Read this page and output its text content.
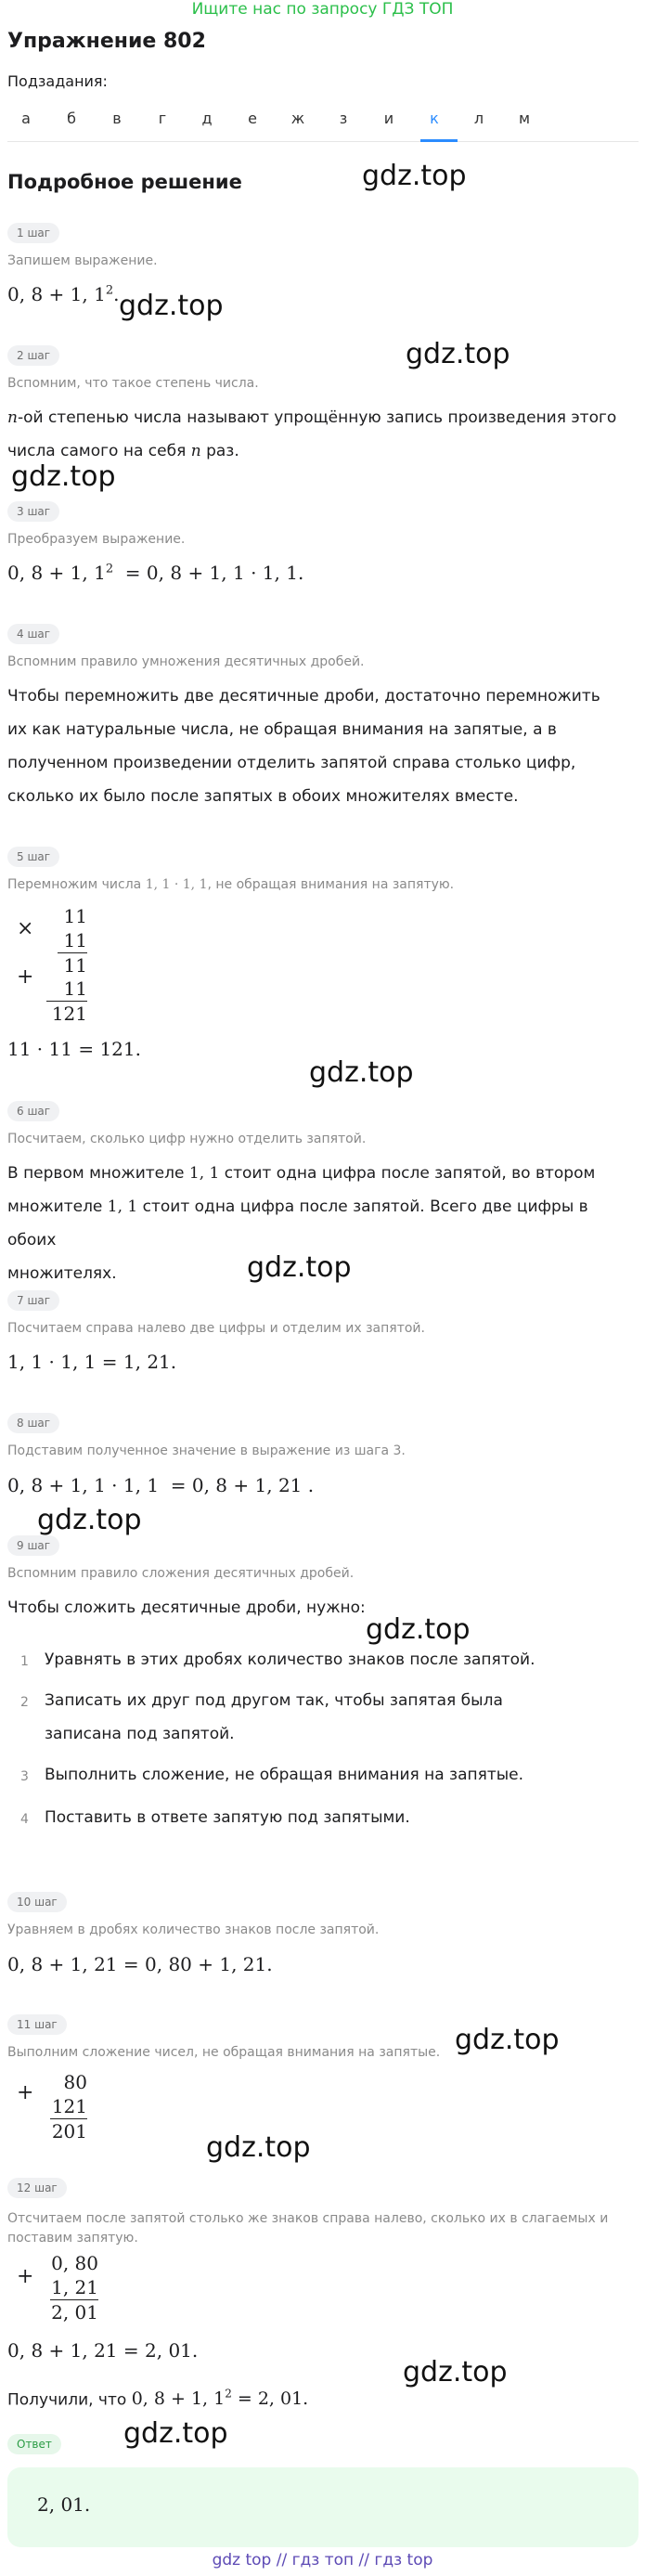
Ищите нас по запросу ГДЗ ТОП
Упражнение 802
Подзадания:
а	б	в	г	д	е	ж	з	и	к	л	м
Подробное решение
1 шаг
Запишем выражение.
0, 8 + 1, $1^2$.
2 шаг
Вспомним, что такое степень числа.
n-ой степенью числа называют упрощённую запись произведения этого
числа самого на себя n раз.
3 шаг
Преобразуем выражение.
0, 8 + 1, $1^2 = 0$, 8 + 1, 1 · 1, 1.
4 шаг
Вспомним правило умножения десятичных дробей.
Чтобы перемножить две десятичные дроби, достаточно перемножить их как натуральные числа, не обращая внимания на запятые, а в полученном произведении отделить запятой справа столько цифр, сколько их было после запятых в обоих множителях вместе.
5 шаг
Перемножим числа 1, 1 · 1, 1, не обращая внимания на запятую.
×
11
11
11
+	11
121
11 · 11 = 121.
6 шаг
Посчитаем, сколько цифр нужно отделить запятой.
В первом множителе 1, 1 стоит одна цифра после запятой, во втором
множителе 1, 1 стоит одна цифра после запятой. Всего две цифры в обоих
множителях.
7 шаг
Посчитаем справа налево две цифры и отделим их запятой.
1, 1 · 1, 1 = 1, 21.
8 шаг
Подставим полученное значение в выражение из шага 3.
0, 8 + 1, 1 · 1, 1  = 0, 8 + 1, 21 .
9 шаг
Вспомним правило сложения десятичных дробей.
Чтобы сложить десятичные дроби, нужно:
1 Уравнять в этих дробях количество знаков после запятой.
2 Записать их друг под другом так, чтобы запятая была записана под запятой.
3 Выполнить сложение, не обращая внимания на запятые.
4 Поставить в ответе запятую под запятыми.
10 шаг
Уравняем в дробях количество знаков после запятой.
0, 8 + 1, 21 = 0, 80 + 1, 21.
11 шаг
Выполним сложение чисел, не обращая внимания на запятые.
+	80
121
201
12 шаг
Отсчитаем после запятой столько же знаков справа налево, сколько их в слагаемых и поставим запятую.
+
0, 80
1, 21
2, 01
0, 8 + 1, 21 = 2, 01.
Получили, что 0, 8 + 1, $1^2 = 2$, 01.
Ответ
2, 01.
gdz top // гдз топ // гдз top
gdz.top
gdz.top
gdz.top
gdz.top
gdz.top
gdz.top
gdz.top
gdz.top
gdz.top
gdz.top
gdz.top
gdz.top
